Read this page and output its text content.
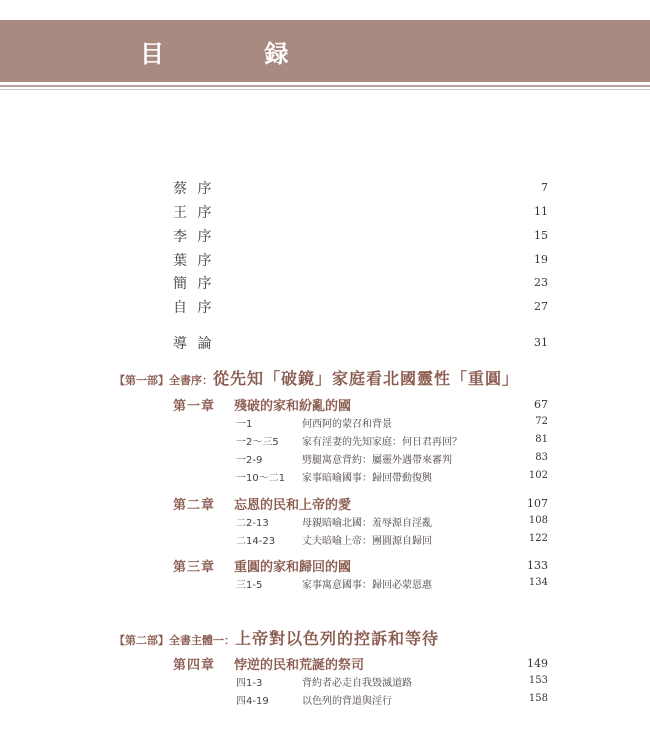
目 録
蔡 序	7
王 序	11
李 序	15
葉 序	19
簡 序	23
自 序	27
導 論	31
【第一部】全書序：從先知「破鏡」家庭看北國靈性「重圓」
第一章 殘破的家和紛亂的國	67
一1	何西阿的蒙召和背景	72
一2～三5 家有淫妻的先知家庭：何日君再回？	81
一2-9	劈腿寓意背約：屬靈外遇帶來審判	83
一10～二1 家事暗喻國事：歸回帶動復興	102
第二章 忘恩的民和上帝的愛	107
二2-13	母親暗喻北國：羞辱源自淫亂	108
二14-23	丈夫暗喻上帝：團圓源自歸回	122
第三章 重圓的家和歸回的國	133
三1-5	家事寓意國事：歸回必蒙恩惠	134
【第二部】全書主體一：上帝對以色列的控訴和等待
第四章 悖逆的民和荒誕的祭司	149
四1-3	背約者必走自我毀滅道路	153
四4-19	以色列的背道與淫行	158
